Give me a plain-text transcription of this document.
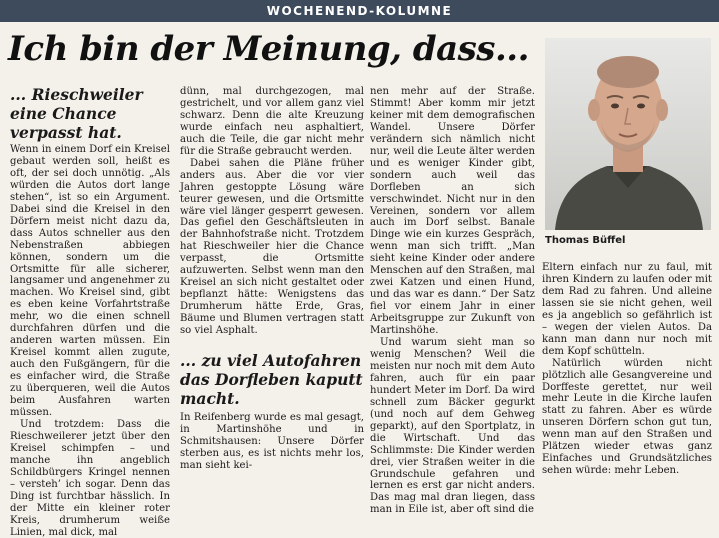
WOCHENEND-KOLUMNE
Ich bin der Meinung, dass...
... Rieschweiler eine Chance verpasst hat.

Wenn in einem Dorf ein Kreisel gebaut werden soll, heißt es oft, der sei doch unnötig. „Als würden die Autos dort lange stehen“, ist so ein Argument. Dabei sind die Kreisel in den Dörfern meist nicht dazu da, dass Autos schneller aus den Nebenstraßen abbiegen können, sondern um die Ortsmitte für alle sicherer, langsamer und angenehmer zu machen. Wo Kreisel sind, gibt es eben keine Vorfahrtstraße mehr, wo die einen schnell durchfahren dürfen und die anderen warten müssen. Ein Kreisel kommt allen zugute, auch den Fußgängern, für die es einfacher wird, die Straße zu überqueren, weil die Autos beim Ausfahren warten müssen.

Und trotzdem: Dass die Rieschweilerer jetzt über den Kreisel schimpfen – und manche ihn angeblich Schildbürgers Kringel nennen – versteh’ ich sogar. Denn das Ding ist furchtbar hässlich. In der Mitte ein kleiner roter Kreis, drumherum weiße Linien, mal dick, mal

dünn, mal durchgezogen, mal gestrichelt, und vor allem ganz viel schwarz. Denn die alte Kreuzung wurde einfach neu asphaltiert, auch die Teile, die gar nicht mehr für die Straße gebraucht werden.

Dabei sahen die Pläne früher anders aus. Aber die vor vier Jahren gestoppte Lösung wäre teurer gewesen, und die Ortsmitte wäre viel länger gesperrt gewesen. Das gefiel den Geschäftsleuten in der Bahnhofstraße nicht. Trotzdem hat Rieschweiler hier die Chance verpasst, die Ortsmitte aufzuwerten. Selbst wenn man den Kreisel an sich nicht gestaltet oder bepflanzt hätte: Wenigstens das Drumherum hätte Erde, Gras, Bäume und Blumen vertragen statt so viel Asphalt.

... zu viel Autofahren das Dorfleben kaputt macht.

In Reifenberg wurde es mal gesagt, in Martinshöhe und in Schmitshausen: Unsere Dörfer sterben aus, es ist nichts mehr los, man sieht kei-

nen mehr auf der Straße. Stimmt! Aber komm mir jetzt keiner mit dem demografischen Wandel. Unsere Dörfer verändern sich nämlich nicht nur, weil die Leute älter werden und es weniger Kinder gibt, sondern auch weil das Dorfleben an sich verschwindet. Nicht nur in den Vereinen, sondern vor allem auch im Dorf selbst. Banale Dinge wie ein kurzes Gespräch, wenn man sich trifft. „Man sieht keine Kinder oder andere Menschen auf den Straßen, mal zwei Katzen und einen Hund, und das war es dann.“ Der Satz fiel vor einem Jahr in einer Arbeitsgruppe zur Zukunft von Martinshöhe.

Und warum sieht man so wenig Menschen? Weil die meisten nur noch mit dem Auto fahren, auch für ein paar hundert Meter im Dorf. Da wird schnell zum Bäcker gegurkt (und noch auf dem Gehweg geparkt), auf den Sportplatz, in die Wirtschaft. Und das Schlimmste: Die Kinder werden drei, vier Straßen weiter in die Grundschule gefahren und lernen es erst gar nicht anders. Das mag mal dran liegen, dass man in Eile ist, aber oft sind die

Thomas Büffel

Eltern einfach nur zu faul, mit ihren Kindern zu laufen oder mit dem Rad zu fahren. Und alleine lassen sie sie nicht gehen, weil es ja angeblich so gefährlich ist – wegen der vielen Autos. Da kann man dann nur noch mit dem Kopf schütteln.

Natürlich würden nicht plötzlich alle Gesangvereine und Dorffeste gerettet, nur weil mehr Leute in die Kirche laufen statt zu fahren. Aber es würde unseren Dörfern schon gut tun, wenn man auf den Straßen und Plätzen wieder etwas ganz Einfaches und Grundsätzliches sehen würde: mehr Leben.
